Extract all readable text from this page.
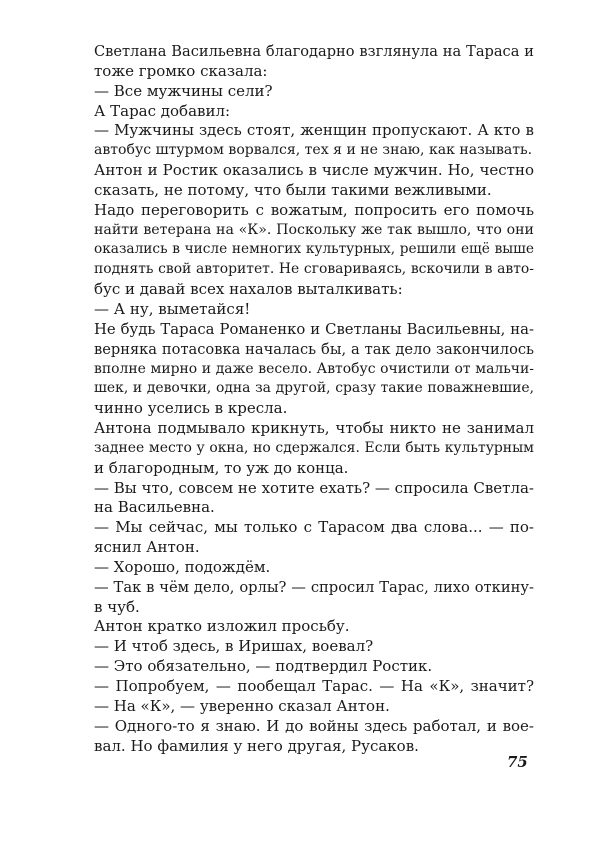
Светлана Васильевна благодарно взглянула на Тараса и
тоже громко сказала:
— Все мужчины сели?
А Тарас добавил:
— Мужчины здесь стоят, женщин пропускают. А кто в
автобус штурмом ворвался, тех я и не знаю, как называть.
Антон и Ростик оказались в числе мужчин. Но, честно
сказать, не потому, что были такими вежливыми.
Надо переговорить с вожатым, попросить его помочь
найти ветерана на «К». Поскольку же так вышло, что они
оказались в числе немногих культурных, решили ещё выше
поднять свой авторитет. Не сговариваясь, вскочили в авто-
бус и давай всех нахалов выталкивать:
— А ну, выметайся!
Не будь Тараса Романенко и Светланы Васильевны, на-
верняка потасовка началась бы, а так дело закончилось
вполне мирно и даже весело. Автобус очистили от мальчи-
шек, и девочки, одна за другой, сразу такие поважневшие,
чинно уселись в кресла.
Антона подмывало крикнуть, чтобы никто не занимал
заднее место у окна, но сдержался. Если быть культурным
и благородным, то уж до конца.
— Вы что, совсем не хотите ехать? — спросила Светла-
на Васильевна.
— Мы сейчас, мы только с Тарасом два слова... — по-
яснил Антон.
— Хорошо, подождём.
— Так в чём дело, орлы? — спросил Тарас, лихо откину-
в чуб.
Антон кратко изложил просьбу.
— И чтоб здесь, в Иришах, воевал?
— Это обязательно, — подтвердил Ростик.
— Попробуем, — пообещал Тарас. — На «К», значит?
— На «К», — уверенно сказал Антон.
— Одного-то я знаю. И до войны здесь работал, и вое-
вал. Но фамилия у него другая, Русаков.
75
